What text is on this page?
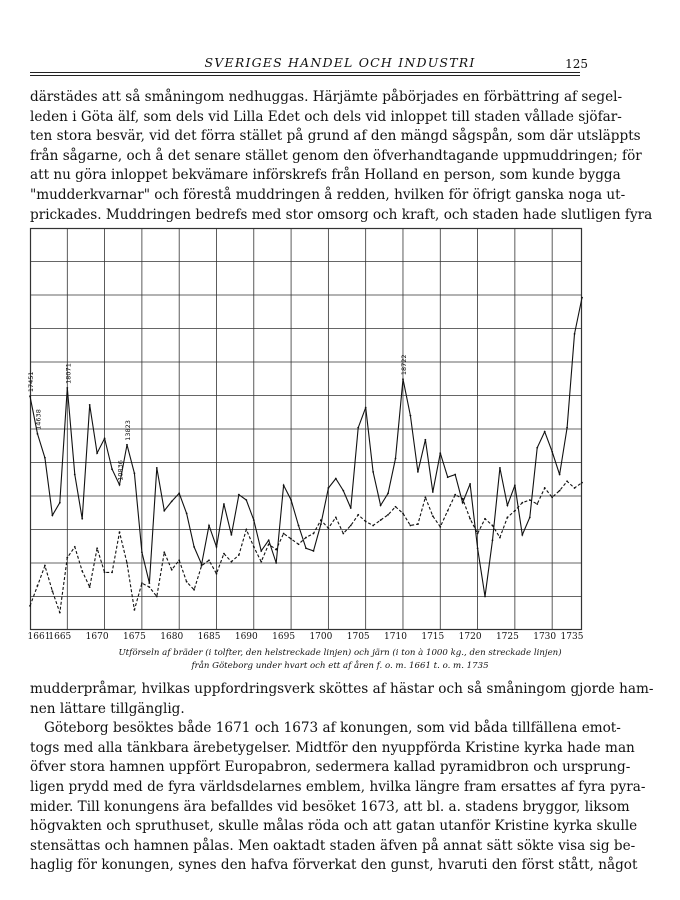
SVERIGES HANDEL OCH INDUSTRI	125
därstädes att så småningom nedhuggas. Härjämte påbörjades en förbättring af segel-
leden i Göta älf, som dels vid Lilla Edet och dels vid inloppet till staden vållade sjöfar-
ten stora besvär, vid det förra stället på grund af den mängd sågspån, som där utsläppts
från sågarne, och å det senare stället genom den öfverhandtagande uppmuddringen; för
att nu göra inloppet bekvämare införskrefs från Holland en person, som kunde bygga
"mudderkvarnar" och förestå muddringen å redden, hvilken för öfrigt ganska noga ut-
prickades. Muddringen bedrefs med stor omsorg och kraft, och staden hade slutligen fyra
17451
14638
18071
10836
13823
18722
1661
1665 1670 1675 1680 1685 1690 1695 1700 1705 1710 1715 1720 1725 1730 1735
Utförseln af bräder (i tolfter, den helstreckade linjen) och järn (i ton à 1000 kg., den streckade linjen)
från Göteborg under hvart och ett af åren f. o. m. 1661 t. o. m. 1735
mudderpråmar, hvilkas uppfordringsverk sköttes af hästar och så småningom gjorde ham-
nen lättare tillgänglig.
Göteborg besöktes både 1671 och 1673 af konungen, som vid båda tillfällena emot-
togs med alla tänkbara ärebetygelser. Midtför den nyuppförda Kristine kyrka hade man
öfver stora hamnen uppfört Europabron, sedermera kallad pyramidbron och ursprung-
ligen prydd med de fyra världsdelarnes emblem, hvilka längre fram ersattes af fyra pyra-
mider. Till konungens ära befalldes vid besöket 1673, att bl. a. stadens bryggor, liksom
högvakten och spruthuset, skulle målas röda och att gatan utanför Kristine kyrka skulle
stensättas och hamnen pålas. Men oaktadt staden äfven på annat sätt sökte visa sig be-
haglig för konungen, synes den hafva förverkat den gunst, hvaruti den först stått, något
